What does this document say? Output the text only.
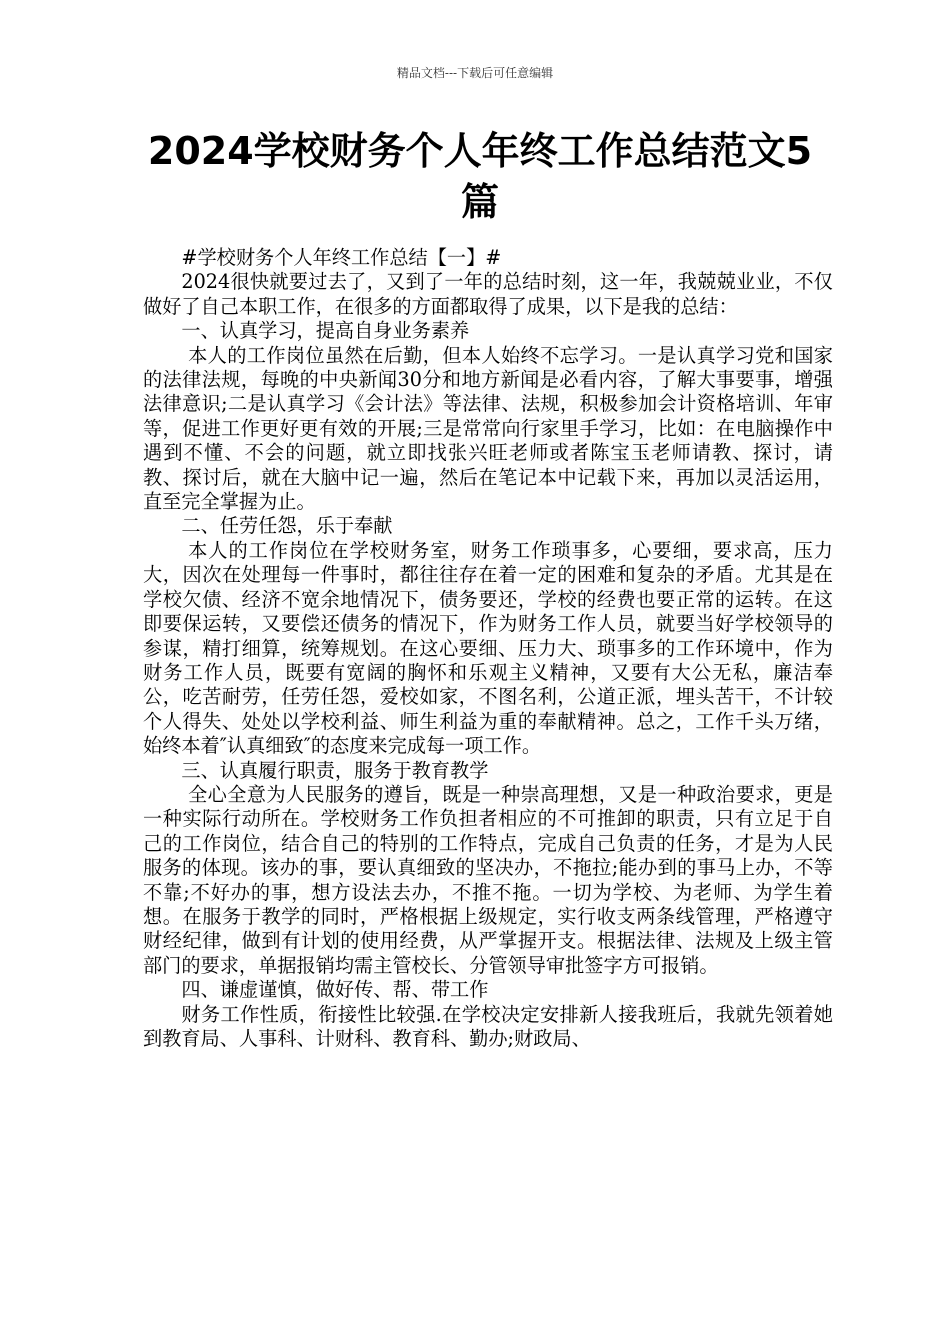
精品文档---下载后可任意编辑
2024学校财务个人年终工作总结范文5篇

#学校财务个人年终工作总结【一】#

2024很快就要过去了，又到了一年的总结时刻，这一年，我兢兢业业，不仅做好了自己本职工作，在很多的方面都取得了成果，以下是我的总结：

一、认真学习，提高自身业务素养

本人的工作岗位虽然在后勤，但本人始终不忘学习。一是认真学习党和国家的法律法规，每晚的中央新闻30分和地方新闻是必看内容，了解大事要事，增强法律意识;二是认真学习《会计法》等法律、法规，积极参加会计资格培训、年审等，促进工作更好更有效的开展;三是常常向行家里手学习，比如：在电脑操作中遇到不懂、不会的问题，就立即找张兴旺老师或者陈宝玉老师请教、探讨，请教、探讨后，就在大脑中记一遍，然后在笔记本中记载下来，再加以灵活运用，直至完全掌握为止。

二、任劳任怨，乐于奉献

本人的工作岗位在学校财务室，财务工作琐事多，心要细，要求高，压力大，因次在处理每一件事时，都往往存在着一定的困难和复杂的矛盾。尤其是在学校欠债、经济不宽余地情况下，债务要还，学校的经费也要正常的运转。在这即要保运转，又要偿还债务的情况下，作为财务工作人员，就要当好学校领导的参谋，精打细算，统筹规划。在这心要细、压力大、琐事多的工作环境中，作为财务工作人员，既要有宽阔的胸怀和乐观主义精神，又要有大公无私，廉洁奉公，吃苦耐劳，任劳任怨，爱校如家，不图名利，公道正派，埋头苦干，不计较个人得失、处处以学校利益、师生利益为重的奉献精神。总之，工作千头万绪，始终本着″认真细致″的态度来完成每一项工作。

三、认真履行职责，服务于教育教学

全心全意为人民服务的遵旨，既是一种崇高理想，又是一种政治要求，更是一种实际行动所在。学校财务工作负担者相应的不可推卸的职责，只有立足于自己的工作岗位，结合自己的特别的工作特点，完成自己负责的任务，才是为人民服务的体现。该办的事，要认真细致的坚决办，不拖拉;能办到的事马上办，不等不靠;不好办的事，想方设法去办，不推不拖。一切为学校、为老师、为学生着想。在服务于教学的同时，严格根据上级规定，实行收支两条线管理，严格遵守财经纪律，做到有计划的使用经费，从严掌握开支。根据法律、法规及上级主管部门的要求，单据报销均需主管校长、分管领导审批签字方可报销。

四、谦虚谨慎，做好传、帮、带工作

财务工作性质，衔接性比较强.在学校决定安排新人接我班后，我就先领着她到教育局、人事科、计财科、教育科、勤办;财政局、
